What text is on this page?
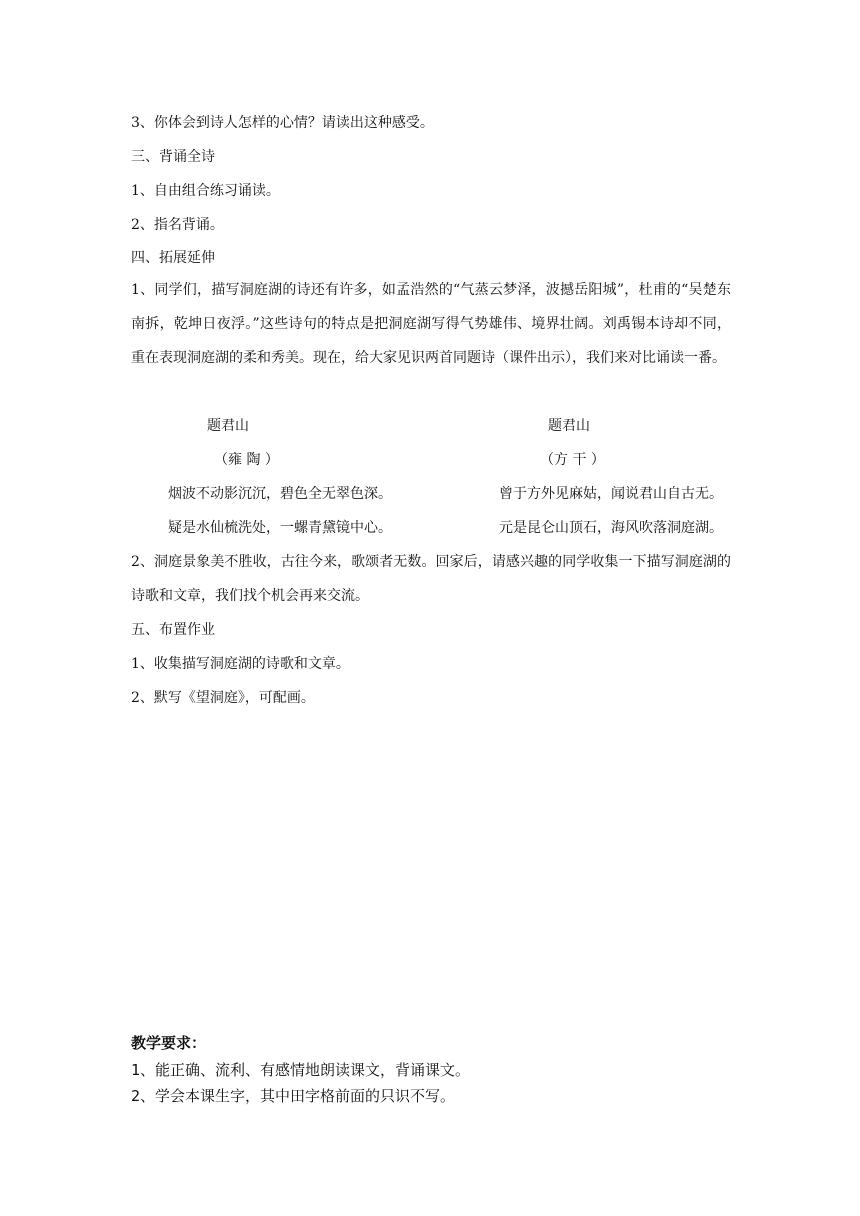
3、你体会到诗人怎样的心情？请读出这种感受。
三、背诵全诗
1、自由组合练习诵读。
2、指名背诵。
四、拓展延伸
1、同学们，描写洞庭湖的诗还有许多，如孟浩然的“气蒸云梦泽，波撼岳阳城”，杜甫的“吴楚东南拆，乾坤日夜浮。”这些诗句的特点是把洞庭湖写得气势雄伟、境界壮阔。刘禹锡本诗却不同，重在表现洞庭湖的柔和秀美。现在，给大家见识两首同题诗（课件出示），我们来对比诵读一番。
题君山
（雍 陶 ）
烟波不动影沉沉，碧色全无翠色深。
疑是水仙梳洗处，一螺青黛镜中心。
题君山
（方 干 ）
曾于方外见麻姑，闻说君山自古无。
元是昆仑山顶石，海风吹落洞庭湖。
2、洞庭景象美不胜收，古往今来，歌颂者无数。回家后，请感兴趣的同学收集一下描写洞庭湖的诗歌和文章，我们找个机会再来交流。
五、布置作业
1、收集描写洞庭湖的诗歌和文章。
2、默写《望洞庭》，可配画。
教学要求：
1、能正确、流利、有感情地朗读课文，背诵课文。
2、学会本课生字，其中田字格前面的只识不写。
